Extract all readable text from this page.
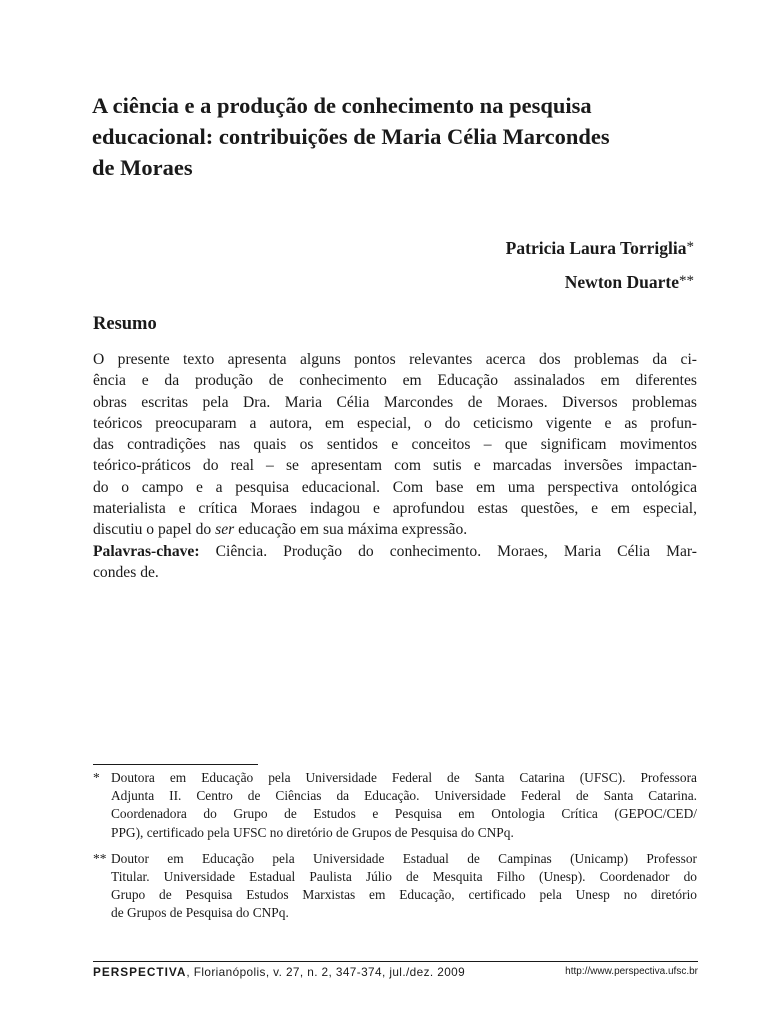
A ciência e a produção de conhecimento na pesquisa
educacional: contribuições de Maria Célia Marcondes
de Moraes
Patricia Laura Torriglia*
Newton Duarte**
Resumo
O presente texto apresenta alguns pontos relevantes acerca dos problemas da ci-
ência e da produção de conhecimento em Educação assinalados em diferentes
obras escritas pela Dra. Maria Célia Marcondes de Moraes. Diversos problemas
teóricos preocuparam a autora, em especial, o do ceticismo vigente e as profun-
das contradições nas quais os sentidos e conceitos – que significam movimentos
teórico-práticos do real – se apresentam com sutis e marcadas inversões impactan-
do o campo e a pesquisa educacional. Com base em uma perspectiva ontológica
materialista e crítica Moraes indagou e aprofundou estas questões, e em especial,
discutiu o papel do ser educação em sua máxima expressão.
Palavras-chave: Ciência. Produção do conhecimento. Moraes, Maria Célia Mar-
condes de.
* Doutora em Educação pela Universidade Federal de Santa Catarina (UFSC). Professora
Adjunta II. Centro de Ciências da Educação. Universidade Federal de Santa Catarina.
Coordenadora do Grupo de Estudos e Pesquisa em Ontologia Crítica (GEPOC/CED/
PPG), certificado pela UFSC no diretório de Grupos de Pesquisa do CNPq.
** Doutor em Educação pela Universidade Estadual de Campinas (Unicamp) Professor
Titular. Universidade Estadual Paulista Júlio de Mesquita Filho (Unesp). Coordenador do
Grupo de Pesquisa Estudos Marxistas em Educação, certificado pela Unesp no diretório
de Grupos de Pesquisa do CNPq.
PERSPECTIVA, Florianópolis, v. 27, n. 2, 347-374, jul./dez. 2009	http://www.perspectiva.ufsc.br
